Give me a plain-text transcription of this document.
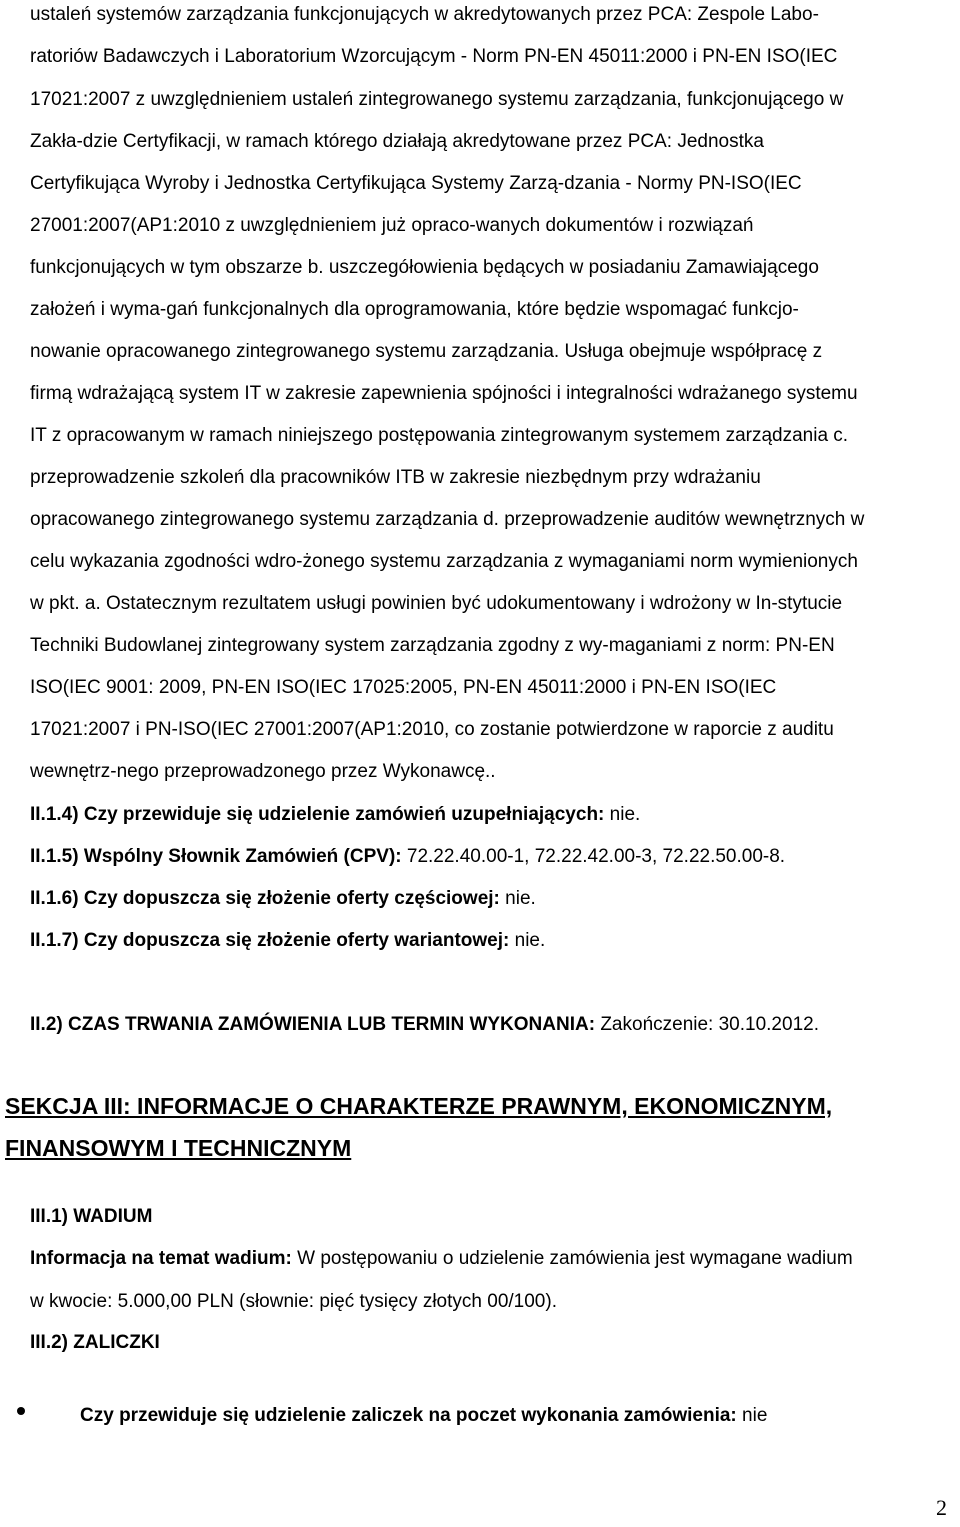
ustaleń systemów zarządzania funkcjonujących w akredytowanych przez PCA: Zespole Labo-
ratoriów Badawczych i Laboratorium Wzorcującym - Norm PN-EN 45011:2000 i PN-EN ISO(IEC
17021:2007 z uwzględnieniem ustaleń zintegrowanego systemu zarządzania, funkcjonującego w
Zakła-dzie Certyfikacji, w ramach którego działają akredytowane przez PCA: Jednostka
Certyfikująca Wyroby i Jednostka Certyfikująca Systemy Zarzą-dzania - Normy PN-ISO(IEC
27001:2007(AP1:2010 z uwzględnieniem już opraco-wanych dokumentów i rozwiązań
funkcjonujących w tym obszarze b. uszczegółowienia będących w posiadaniu Zamawiającego
założeń i wyma-gań funkcjonalnych dla oprogramowania, które będzie wspomagać funkcjo-
nowanie opracowanego zintegrowanego systemu zarządzania. Usługa obejmuje współpracę z
firmą wdrażającą system IT w zakresie zapewnienia spójności i integralności wdrażanego systemu
IT z opracowanym w ramach niniejszego postępowania zintegrowanym systemem zarządzania c.
przeprowadzenie szkoleń dla pracowników ITB w zakresie niezbędnym przy wdrażaniu
opracowanego zintegrowanego systemu zarządzania d. przeprowadzenie auditów wewnętrznych w
celu wykazania zgodności wdro-żonego systemu zarządzania z wymaganiami norm wymienionych
w pkt. a. Ostatecznym rezultatem usługi powinien być udokumentowany i wdrożony w In-stytucie
Techniki Budowlanej zintegrowany system zarządzania zgodny z wy-maganiami z norm: PN-EN
ISO(IEC 9001: 2009, PN-EN ISO(IEC 17025:2005, PN-EN 45011:2000 i PN-EN ISO(IEC
17021:2007 i PN-ISO(IEC 27001:2007(AP1:2010, co zostanie potwierdzone w raporcie z auditu
wewnętrz-nego przeprowadzonego przez Wykonawcę..
II.1.4) Czy przewiduje się udzielenie zamówień uzupełniających: nie.
II.1.5) Wspólny Słownik Zamówień (CPV): 72.22.40.00-1, 72.22.42.00-3, 72.22.50.00-8.
II.1.6) Czy dopuszcza się złożenie oferty częściowej: nie.
II.1.7) Czy dopuszcza się złożenie oferty wariantowej: nie.
II.2) CZAS TRWANIA ZAMÓWIENIA LUB TERMIN WYKONANIA: Zakończenie: 30.10.2012.
SEKCJA III: INFORMACJE O CHARAKTERZE PRAWNYM, EKONOMICZNYM,
FINANSOWYM I TECHNICZNYM
III.1) WADIUM
Informacja na temat wadium: W postępowaniu o udzielenie zamówienia jest wymagane wadium
w kwocie: 5.000,00 PLN (słownie: pięć tysięcy złotych 00/100).
III.2) ZALICZKI
Czy przewiduje się udzielenie zaliczek na poczet wykonania zamówienia: nie
2
